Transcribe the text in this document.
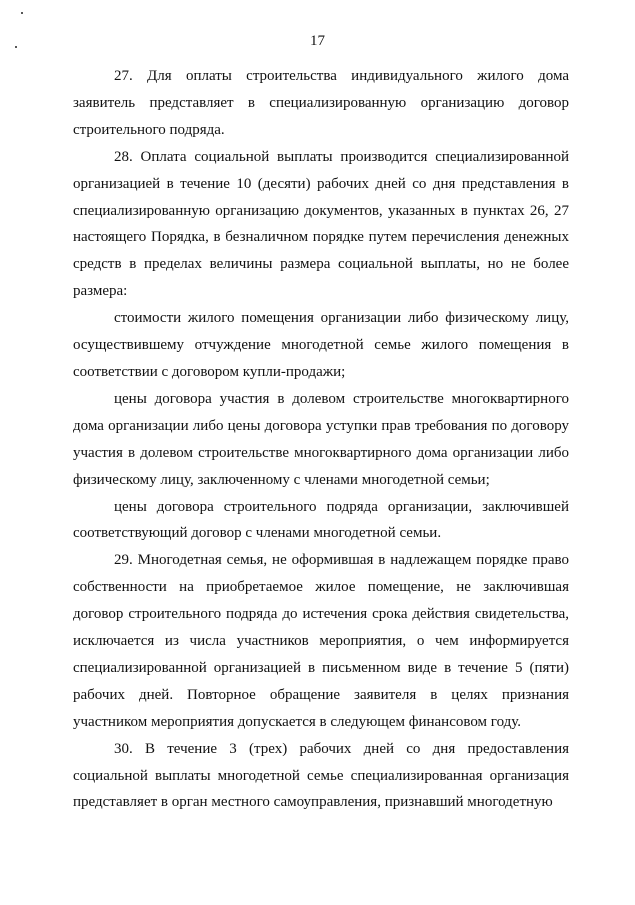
17

27. Для оплаты строительства индивидуального жилого дома заявитель представляет в специализированную организацию договор строительного подряда.

28. Оплата социальной выплаты производится специализированной организацией в течение 10 (десяти) рабочих дней со дня представления в специализированную организацию документов, указанных в пунктах 26, 27 настоящего Порядка, в безналичном порядке путем перечисления денежных средств в пределах величины размера социальной выплаты, но не более размера:

стоимости жилого помещения организации либо физическому лицу, осуществившему отчуждение многодетной семье жилого помещения в соответствии с договором купли-продажи;

цены договора участия в долевом строительстве многоквартирного дома организации либо цены договора уступки прав требования по договору участия в долевом строительстве многоквартирного дома организации либо физическому лицу, заключенному с членами многодетной семьи;

цены договора строительного подряда организации, заключившей соответствующий договор с членами многодетной семьи.

29. Многодетная семья, не оформившая в надлежащем порядке право собственности на приобретаемое жилое помещение, не заключившая договор строительного подряда до истечения срока действия свидетельства, исключается из числа участников мероприятия, о чем информируется специализированной организацией в письменном виде в течение 5 (пяти) рабочих дней. Повторное обращение заявителя в целях признания участником мероприятия допускается в следующем финансовом году.

30. В течение 3 (трех) рабочих дней со дня предоставления социальной выплаты многодетной семье специализированная организация представляет в орган местного самоуправления, признавший многодетную
